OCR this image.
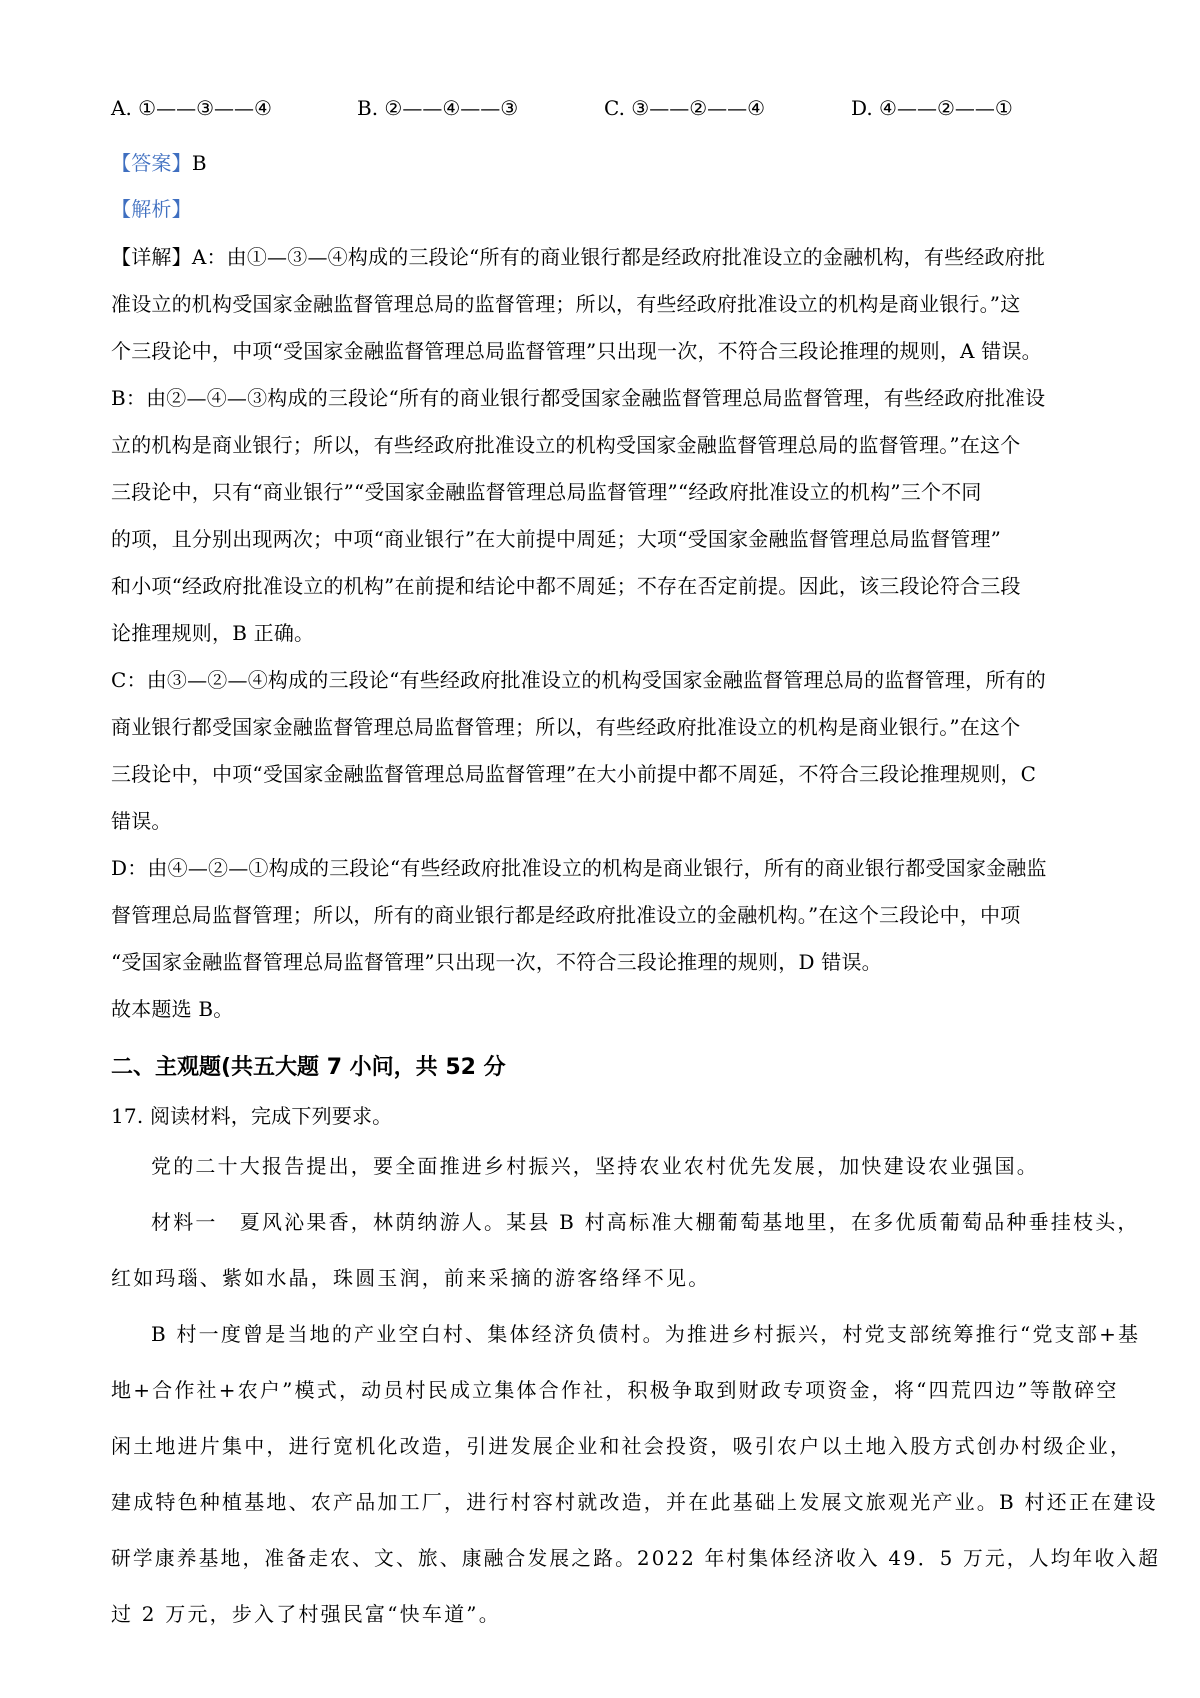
A. ①——③——④	B. ②——④——③	C. ③——②——④	D. ④——②——①
【答案】B
【解析】
【详解】A：由①—③—④构成的三段论“所有的商业银行都是经政府批准设立的金融机构，有些经政府批
准设立的机构受国家金融监督管理总局的监督管理；所以，有些经政府批准设立的机构是商业银行。”这
个三段论中，中项“受国家金融监督管理总局监督管理”只出现一次，不符合三段论推理的规则，A 错误。
B：由②—④—③构成的三段论“所有的商业银行都受国家金融监督管理总局监督管理，有些经政府批准设
立的机构是商业银行；所以，有些经政府批准设立的机构受国家金融监督管理总局的监督管理。”在这个
三段论中，只有“商业银行”“受国家金融监督管理总局监督管理”“经政府批准设立的机构”三个不同
的项，且分别出现两次；中项“商业银行”在大前提中周延；大项“受国家金融监督管理总局监督管理”
和小项“经政府批准设立的机构”在前提和结论中都不周延；不存在否定前提。因此，该三段论符合三段
论推理规则，B 正确。
C：由③—②—④构成的三段论“有些经政府批准设立的机构受国家金融监督管理总局的监督管理，所有的
商业银行都受国家金融监督管理总局监督管理；所以，有些经政府批准设立的机构是商业银行。”在这个
三段论中，中项“受国家金融监督管理总局监督管理”在大小前提中都不周延，不符合三段论推理规则，C
错误。
D：由④—②—①构成的三段论“有些经政府批准设立的机构是商业银行，所有的商业银行都受国家金融监
督管理总局监督管理；所以，所有的商业银行都是经政府批准设立的金融机构。”在这个三段论中，中项
“受国家金融监督管理总局监督管理”只出现一次，不符合三段论推理的规则，D 错误。
故本题选 B。
二、主观题(共五大题 7 小问，共 52 分
17. 阅读材料，完成下列要求。
党的二十大报告提出，要全面推进乡村振兴，坚持农业农村优先发展，加快建设农业强国。
材料一　夏风沁果香，林荫纳游人。某县 B 村高标准大棚葡萄基地里，在多优质葡萄品种垂挂枝头，
红如玛瑙、紫如水晶，珠圆玉润，前来采摘的游客络绎不见。
B 村一度曾是当地的产业空白村、集体经济负债村。为推进乡村振兴，村党支部统筹推行“党支部+基
地+合作社+农户”模式，动员村民成立集体合作社，积极争取到财政专项资金，将“四荒四边”等散碎空
闲土地进片集中，进行宽机化改造，引进发展企业和社会投资，吸引农户以土地入股方式创办村级企业，
建成特色种植基地、农产品加工厂，进行村容村就改造，并在此基础上发展文旅观光产业。B 村还正在建设
研学康养基地，准备走农、文、旅、康融合发展之路。2022 年村集体经济收入 49．5 万元，人均年收入超
过 2 万元，步入了村强民富“快车道”。
